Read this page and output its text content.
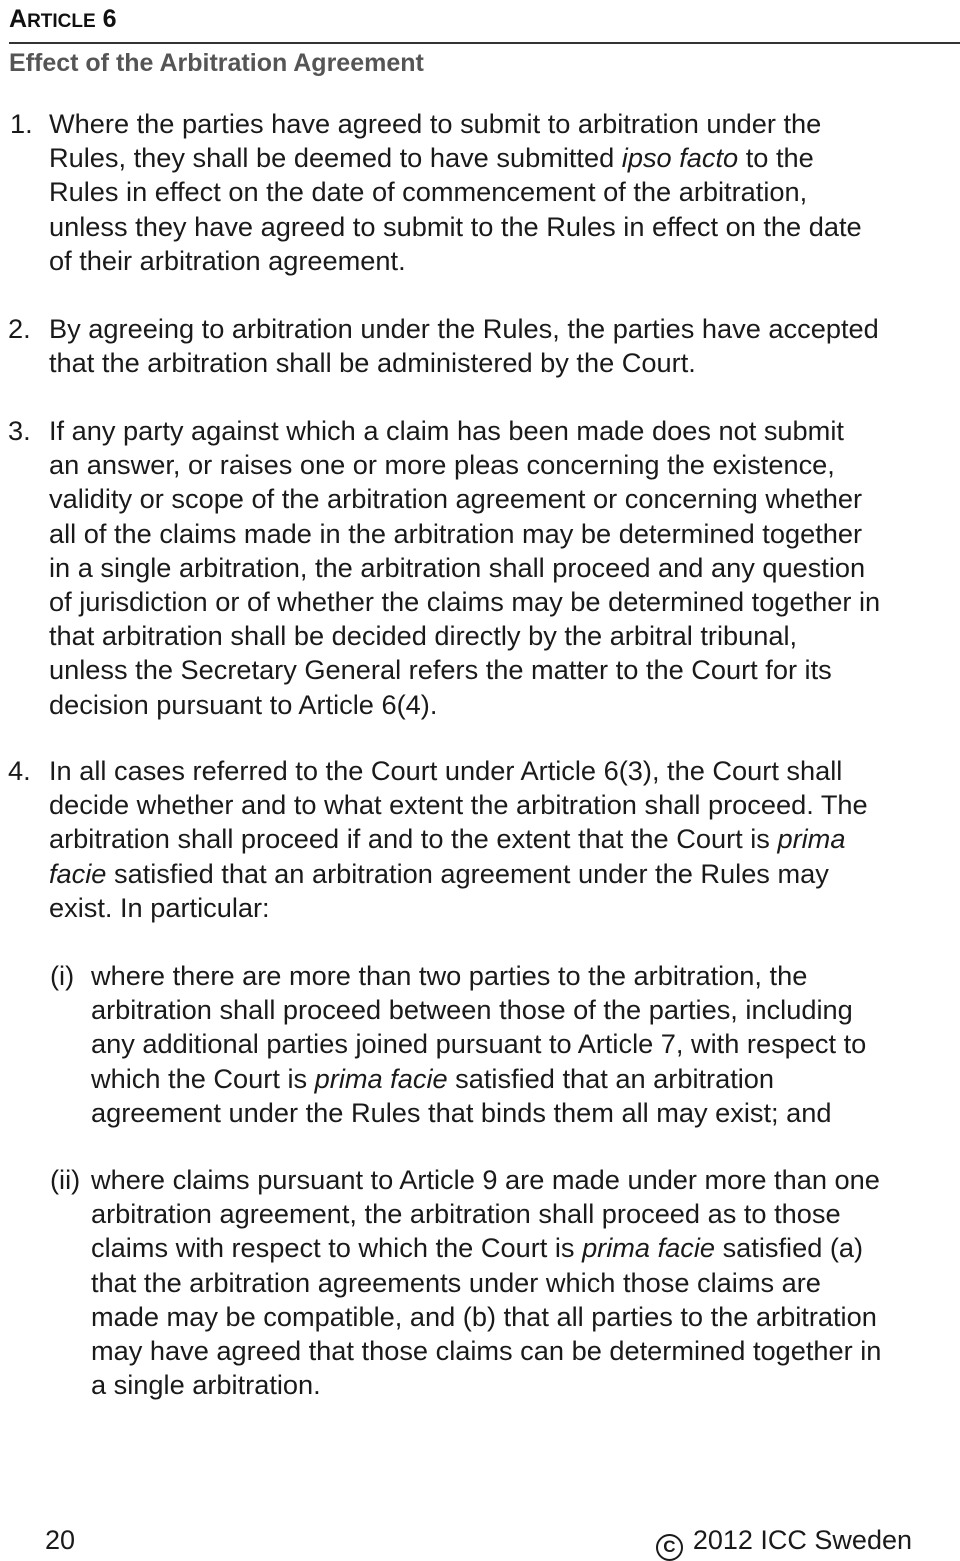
ARTICLE 6
Effect of the Arbitration Agreement
1. Where the parties have agreed to submit to arbitration under the
Rules, they shall be deemed to have submitted ipso facto to the
Rules in effect on the date of commencement of the arbitration,
unless they have agreed to submit to the Rules in effect on the date
of their arbitration agreement.
2. By agreeing to arbitration under the Rules, the parties have accepted
that the arbitration shall be administered by the Court.
3. If any party against which a claim has been made does not submit
an answer, or raises one or more pleas concerning the existence,
validity or scope of the arbitration agreement or concerning whether
all of the claims made in the arbitration may be determined together
in a single arbitration, the arbitration shall proceed and any question
of jurisdiction or of whether the claims may be determined together in
that arbitration shall be decided directly by the arbitral tribunal,
unless the Secretary General refers the matter to the Court for its
decision pursuant to Article 6(4).
4. In all cases referred to the Court under Article 6(3), the Court shall
decide whether and to what extent the arbitration shall proceed. The
arbitration shall proceed if and to the extent that the Court is prima
facie satisfied that an arbitration agreement under the Rules may
exist. In particular:
(i) where there are more than two parties to the arbitration, the
arbitration shall proceed between those of the parties, including
any additional parties joined pursuant to Article 7, with respect to
which the Court is prima facie satisfied that an arbitration
agreement under the Rules that binds them all may exist; and
(ii) where claims pursuant to Article 9 are made under more than one
arbitration agreement, the arbitration shall proceed as to those
claims with respect to which the Court is prima facie satisfied (a)
that the arbitration agreements under which those claims are
made may be compatible, and (b) that all parties to the arbitration
may have agreed that those claims can be determined together in
a single arbitration.
20	C 2012 ICC Sweden
